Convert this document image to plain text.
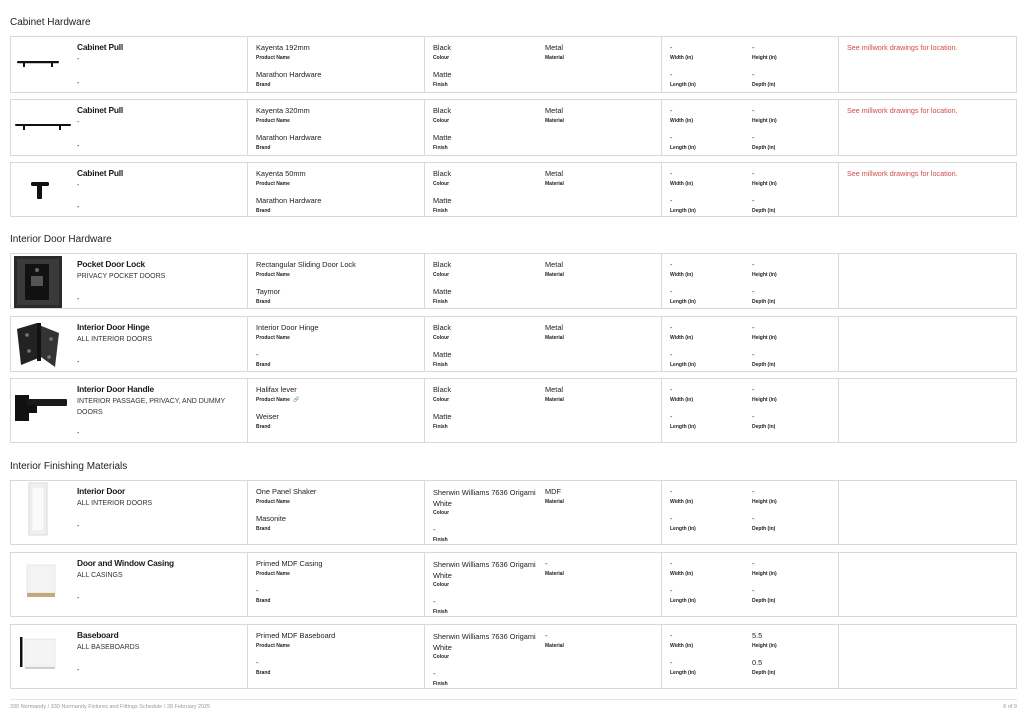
Cabinet Hardware
Cabinet Pull
-
-
Kayenta 192mm
Product Name
Marathon Hardware
Brand
Black
Colour
Matte
Finish
Metal
Material
-
Width (in)
-
Height (in)
-
Length (in)
-
Depth (in)
See millwork drawings for location.
Cabinet Pull
-
-
Kayenta 320mm
Product Name
Marathon Hardware
Brand
Black
Colour
Matte
Finish
Metal
Material
-
Width (in)
-
Height (in)
-
Length (in)
-
Depth (in)
See millwork drawings for location.
Cabinet Pull
-
-
Kayenta 50mm
Product Name
Marathon Hardware
Brand
Black
Colour
Matte
Finish
Metal
Material
-
Width (in)
-
Height (in)
-
Length (in)
-
Depth (in)
See millwork drawings for location.
Interior Door Hardware
Pocket Door Lock
PRIVACY POCKET DOORS
-
Rectangular Sliding Door Lock
Product Name
Taymor
Brand
Black
Colour
Matte
Finish
Metal
Material
-
Width (in)
-
Height (in)
-
Length (in)
-
Depth (in)
Interior Door Hinge
ALL INTERIOR DOORS
-
Interior Door Hinge
Product Name
-
Brand
Black
Colour
Matte
Finish
Metal
Material
-
Width (in)
-
Height (in)
-
Length (in)
-
Depth (in)
Interior Door Handle
INTERIOR PASSAGE, PRIVACY, AND DUMMY DOORS
-
Halifax lever
Product Name 🔗
Weiser
Brand
Black
Colour
Matte
Finish
Metal
Material
-
Width (in)
-
Height (in)
-
Length (in)
-
Depth (in)
Interior Finishing Materials
Interior Door
ALL INTERIOR DOORS
-
One Panel Shaker
Product Name
Masonite
Brand
Sherwin Williams 7636 Origami White
Colour
-
Finish
MDF
Material
-
Width (in)
-
Height (in)
-
Length (in)
-
Depth (in)
Door and Window Casing
ALL CASINGS
-
Primed MDF Casing
Product Name
-
Brand
Sherwin Williams 7636 Origami White
Colour
-
Finish
-
Material
-
Width (in)
-
Height (in)
-
Length (in)
-
Depth (in)
Baseboard
ALL BASEBOARDS
-
Primed MDF Baseboard
Product Name
-
Brand
Sherwin Williams 7636 Origami White
Colour
-
Finish
-
Material
-
Width (in)
5.5
Height (in)
-
Length (in)
0.5
Depth (in)
330 Normandy / 330 Normandy Fixtures and Fittings Schedule / 28 February 2025	6 of 9
